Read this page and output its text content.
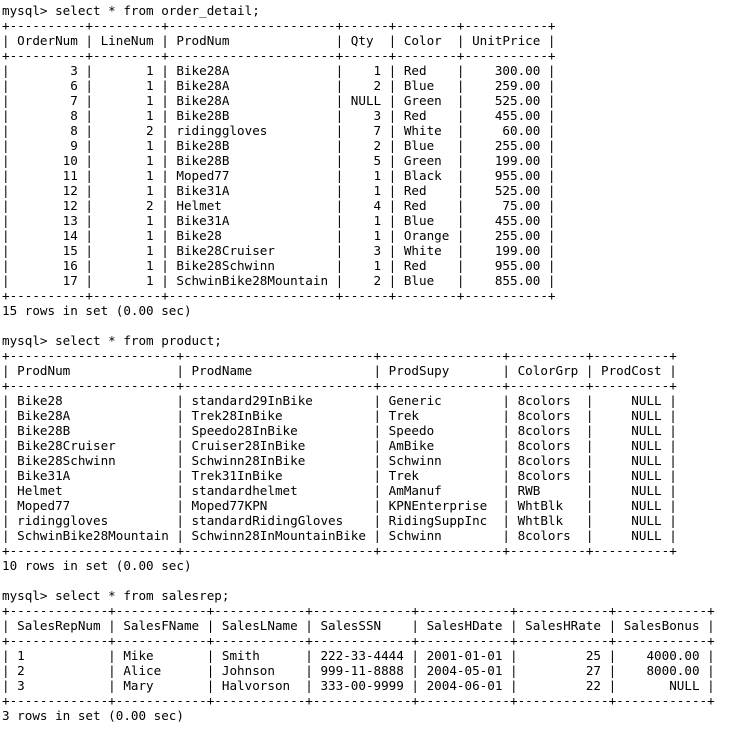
mysql> select * from order_detail;
+----------+---------+----------------------+------+--------+-----------+
| OrderNum | LineNum | ProdNum              | Qty  | Color  | UnitPrice |
+----------+---------+----------------------+------+--------+-----------+
|        3 |       1 | Bike28A              |    1 | Red    |    300.00 |
|        6 |       1 | Bike28A              |    2 | Blue   |    259.00 |
|        7 |       1 | Bike28A              | NULL | Green  |    525.00 |
|        8 |       1 | Bike28B              |    3 | Red    |    455.00 |
|        8 |       2 | ridinggloves         |    7 | White  |     60.00 |
|        9 |       1 | Bike28B              |    2 | Blue   |    255.00 |
|       10 |       1 | Bike28B              |    5 | Green  |    199.00 |
|       11 |       1 | Moped77              |    1 | Black  |    955.00 |
|       12 |       1 | Bike31A              |    1 | Red    |    525.00 |
|       12 |       2 | Helmet               |    4 | Red    |     75.00 |
|       13 |       1 | Bike31A              |    1 | Blue   |    455.00 |
|       14 |       1 | Bike28               |    1 | Orange |    255.00 |
|       15 |       1 | Bike28Cruiser        |    3 | White  |    199.00 |
|       16 |       1 | Bike28Schwinn        |    1 | Red    |    955.00 |
|       17 |       1 | SchwinBike28Mountain |    2 | Blue   |    855.00 |
+----------+---------+----------------------+------+--------+-----------+
15 rows in set (0.00 sec)
mysql> select * from product;
+----------------------+-------------------------+----------------+----------+----------+
| ProdNum              | ProdName                | ProdSupy       | ColorGrp | ProdCost |
+----------------------+-------------------------+----------------+----------+----------+
| Bike28               | standard29InBike        | Generic        | 8colors  |     NULL |
| Bike28A              | Trek28InBike            | Trek           | 8colors  |     NULL |
| Bike28B              | Speedo28InBike          | Speedo         | 8colors  |     NULL |
| Bike28Cruiser        | Cruiser28InBike         | AmBike         | 8colors  |     NULL |
| Bike28Schwinn        | Schwinn28InBike         | Schwinn        | 8colors  |     NULL |
| Bike31A              | Trek31InBike            | Trek           | 8colors  |     NULL |
| Helmet               | standardhelmet          | AmManuf        | RWB      |     NULL |
| Moped77              | Moped77KPN              | KPNEnterprise  | WhtBlk   |     NULL |
| ridinggloves         | standardRidingGloves    | RidingSuppInc  | WhtBlk   |     NULL |
| SchwinBike28Mountain | Schwinn28InMountainBike | Schwinn        | 8colors  |     NULL |
+----------------------+-------------------------+----------------+----------+----------+
10 rows in set (0.00 sec)
mysql> select * from salesrep;
+-------------+------------+------------+-------------+------------+------------+------------+
| SalesRepNum | SalesFName | SalesLName | SalesSSN    | SalesHDate | SalesHRate | SalesBonus |
+-------------+------------+------------+-------------+------------+------------+------------+
| 1           | Mike       | Smith      | 222-33-4444 | 2001-01-01 |         25 |    4000.00 |
| 2           | Alice      | Johnson    | 999-11-8888 | 2004-05-01 |         27 |    8000.00 |
| 3           | Mary       | Halvorson  | 333-00-9999 | 2004-06-01 |         22 |       NULL |
+-------------+------------+------------+-------------+------------+------------+------------+
3 rows in set (0.00 sec)
